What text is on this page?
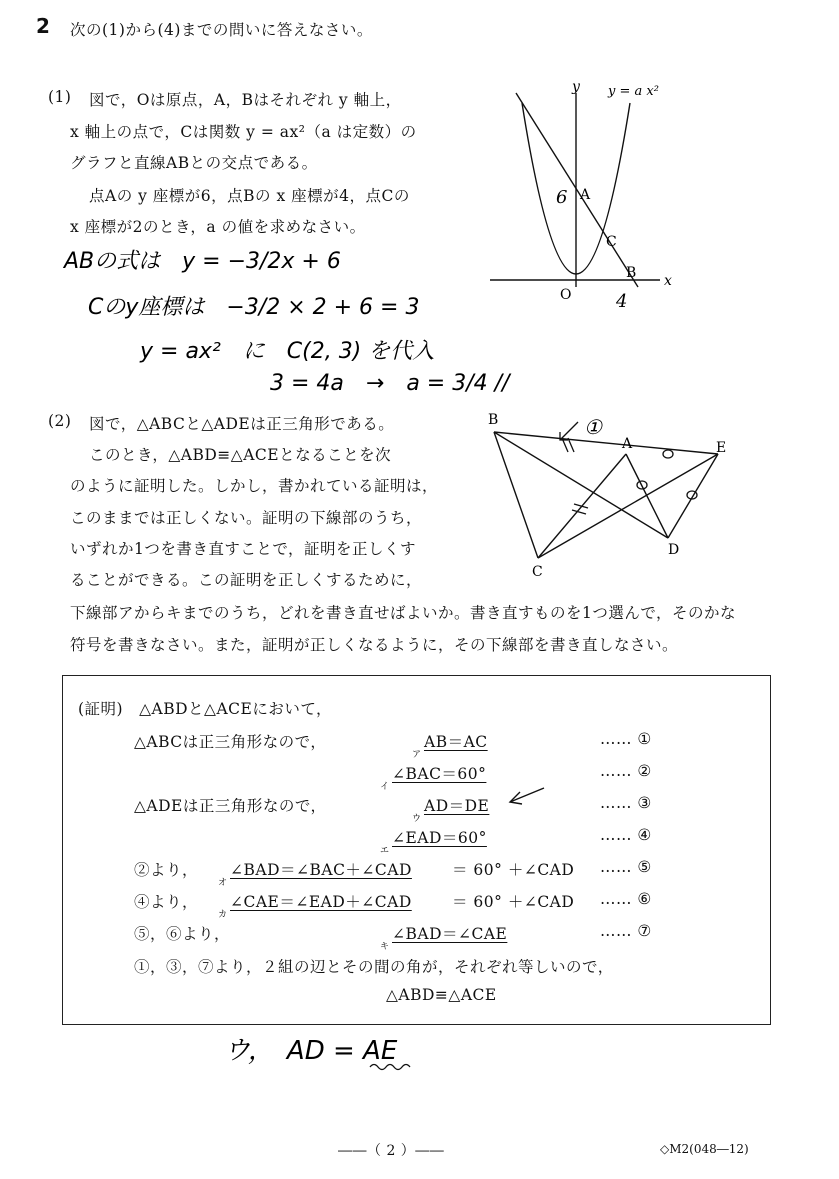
2 次の(1)から(4)までの問いに答えなさい。
(1) 図で，Oは原点，A，Bはそれぞれ y 軸上，
x 軸上の点で，Cは関数 y = ax²（a は定数）の
グラフと直線ABとの交点である。
点Aの y 座標が6，点Bの x 座標が4，点Cの
x 座標が2のとき，a の値を求めなさい。
y
x
y = a x²
O
A
B
C
6
4
ABの式は　y = −3/2x + 6
Cのy座標は　−3/2 × 2 + 6 = 3
y = ax²　に　C(2, 3) を代入
3 = 4a　→　a = 3/4 //
(2) 図で，△ABCと△ADEは正三角形である。
このとき，△ABD≡△ACEとなることを次
のように証明した。しかし，書かれている証明は，
このままでは正しくない。証明の下線部のうち，
いずれか1つを書き直すことで，証明を正しくす
ることができる。この証明を正しくするために，
下線部アからキまでのうち，どれを書き直せばよいか。書き直すものを1つ選んで，そのかな
符号を書きなさい。また，証明が正しくなるように，その下線部を書き直しなさい。
①
B
A	E
C
D
(証明)　△ABDと△ACEにおいて，
△ABCは正三角形なので，
ア
AB＝AC	…… ①
イ
∠BAC＝60°	…… ②
△ADEは正三角形なので，
ウ
AD＝DE	…… ③
エ
∠EAD＝60°	…… ④
②より，
オ
∠BAD＝∠BAC＋∠CAD	＝ 60° ＋∠CAD …… ⑤
④より，
カ
∠CAE＝∠EAD＋∠CAD	＝ 60° ＋∠CAD …… ⑥
⑤，⑥より，
キ
∠BAD＝∠CAE	…… ⑦
①，③，⑦より，２組の辺とその間の角が，それぞれ等しいので，
△ABD≡△ACE
ウ，　AD = AE
――（ 2 ）――	◇M2(048―12)
